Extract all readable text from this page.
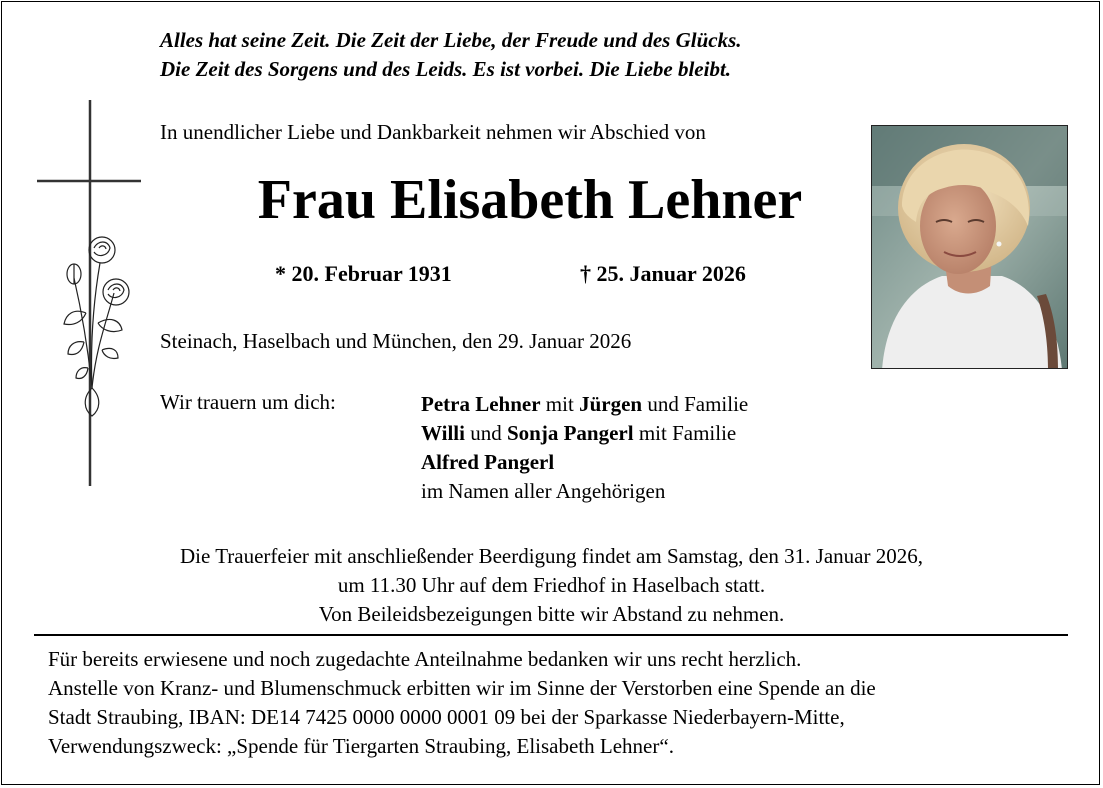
Alles hat seine Zeit. Die Zeit der Liebe, der Freude und des Glücks.
Die Zeit des Sorgens und des Leids. Es ist vorbei. Die Liebe bleibt.
In unendlicher Liebe und Dankbarkeit nehmen wir Abschied von
Frau Elisabeth Lehner
* 20. Februar 1931	† 25. Januar 2026
Steinach, Haselbach und München, den 29. Januar 2026
Wir trauern um dich:	Petra Lehner mit Jürgen und Familie
Willi und Sonja Pangerl mit Familie
Alfred Pangerl
im Namen aller Angehörigen
Die Trauerfeier mit anschließender Beerdigung findet am Samstag, den 31. Januar 2026,
um 11.30 Uhr auf dem Friedhof in Haselbach statt.
Von Beileidsbezeigungen bitte wir Abstand zu nehmen.
Für bereits erwiesene und noch zugedachte Anteilnahme bedanken wir uns recht herzlich.
Anstelle von Kranz- und Blumenschmuck erbitten wir im Sinne der Verstorben eine Spende an die
Stadt Straubing, IBAN: DE14 7425 0000 0000 0001 09 bei der Sparkasse Niederbayern-Mitte,
Verwendungszweck: „Spende für Tiergarten Straubing, Elisabeth Lehner“.
